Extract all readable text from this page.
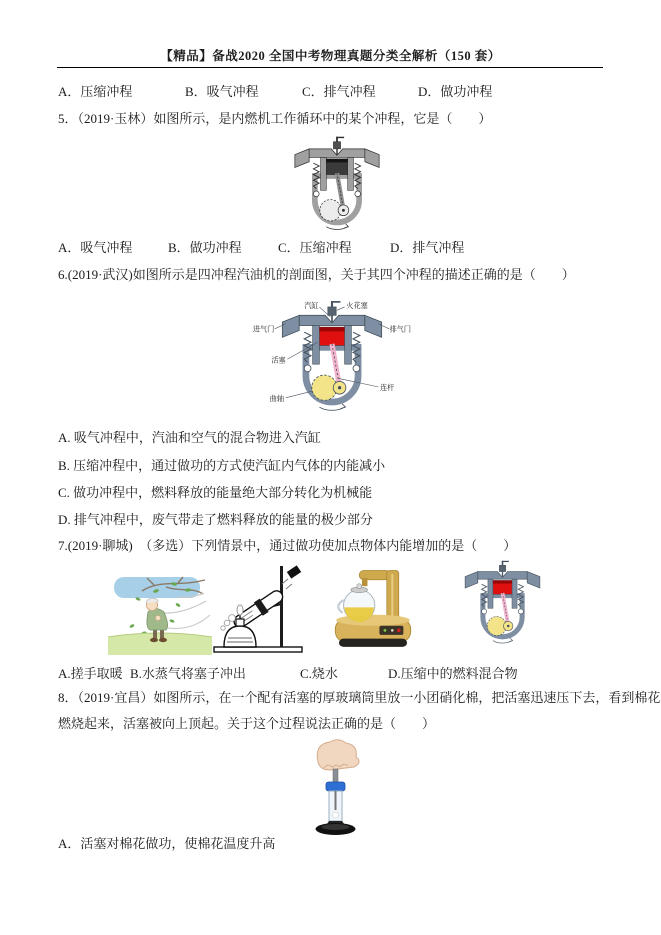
【精品】备战2020 全国中考物理真题分类全解析（150 套）
A．压缩冲程	B．吸气冲程	C．排气冲程	D．做功冲程
5．（2019·玉林）如图所示，是内燃机工作循环中的某个冲程，它是（　　）
A．吸气冲程	B．做功冲程	C．压缩冲程	D．排气冲程
6.(2019·武汉)如图所示是四冲程汽油机的剖面图，关于其四个冲程的描述正确的是（　　）
汽缸	火花塞
进气门	排气门
活塞
连杆
曲轴
A. 吸气冲程中，汽油和空气的混合物进入汽缸
B. 压缩冲程中，通过做功的方式使汽缸内气体的内能减小
C. 做功冲程中，燃料释放的能量绝大部分转化为机械能
D. 排气冲程中，废气带走了燃料释放的能量的极少部分
7.(2019·聊城)　（多选）下列情景中，通过做功使加点物体内能增加的是（　　）
A.搓手取暖 B.水蒸气将塞子冲出	C.烧水	D.压缩中的燃料混合物
8．（2019·宜昌）如图所示，在一个配有活塞的厚玻璃筒里放一小团硝化棉，把活塞迅速压下去，看到棉花
燃烧起来，活塞被向上顶起。关于这个过程说法正确的是（　　）
A．活塞对棉花做功，使棉花温度升高
